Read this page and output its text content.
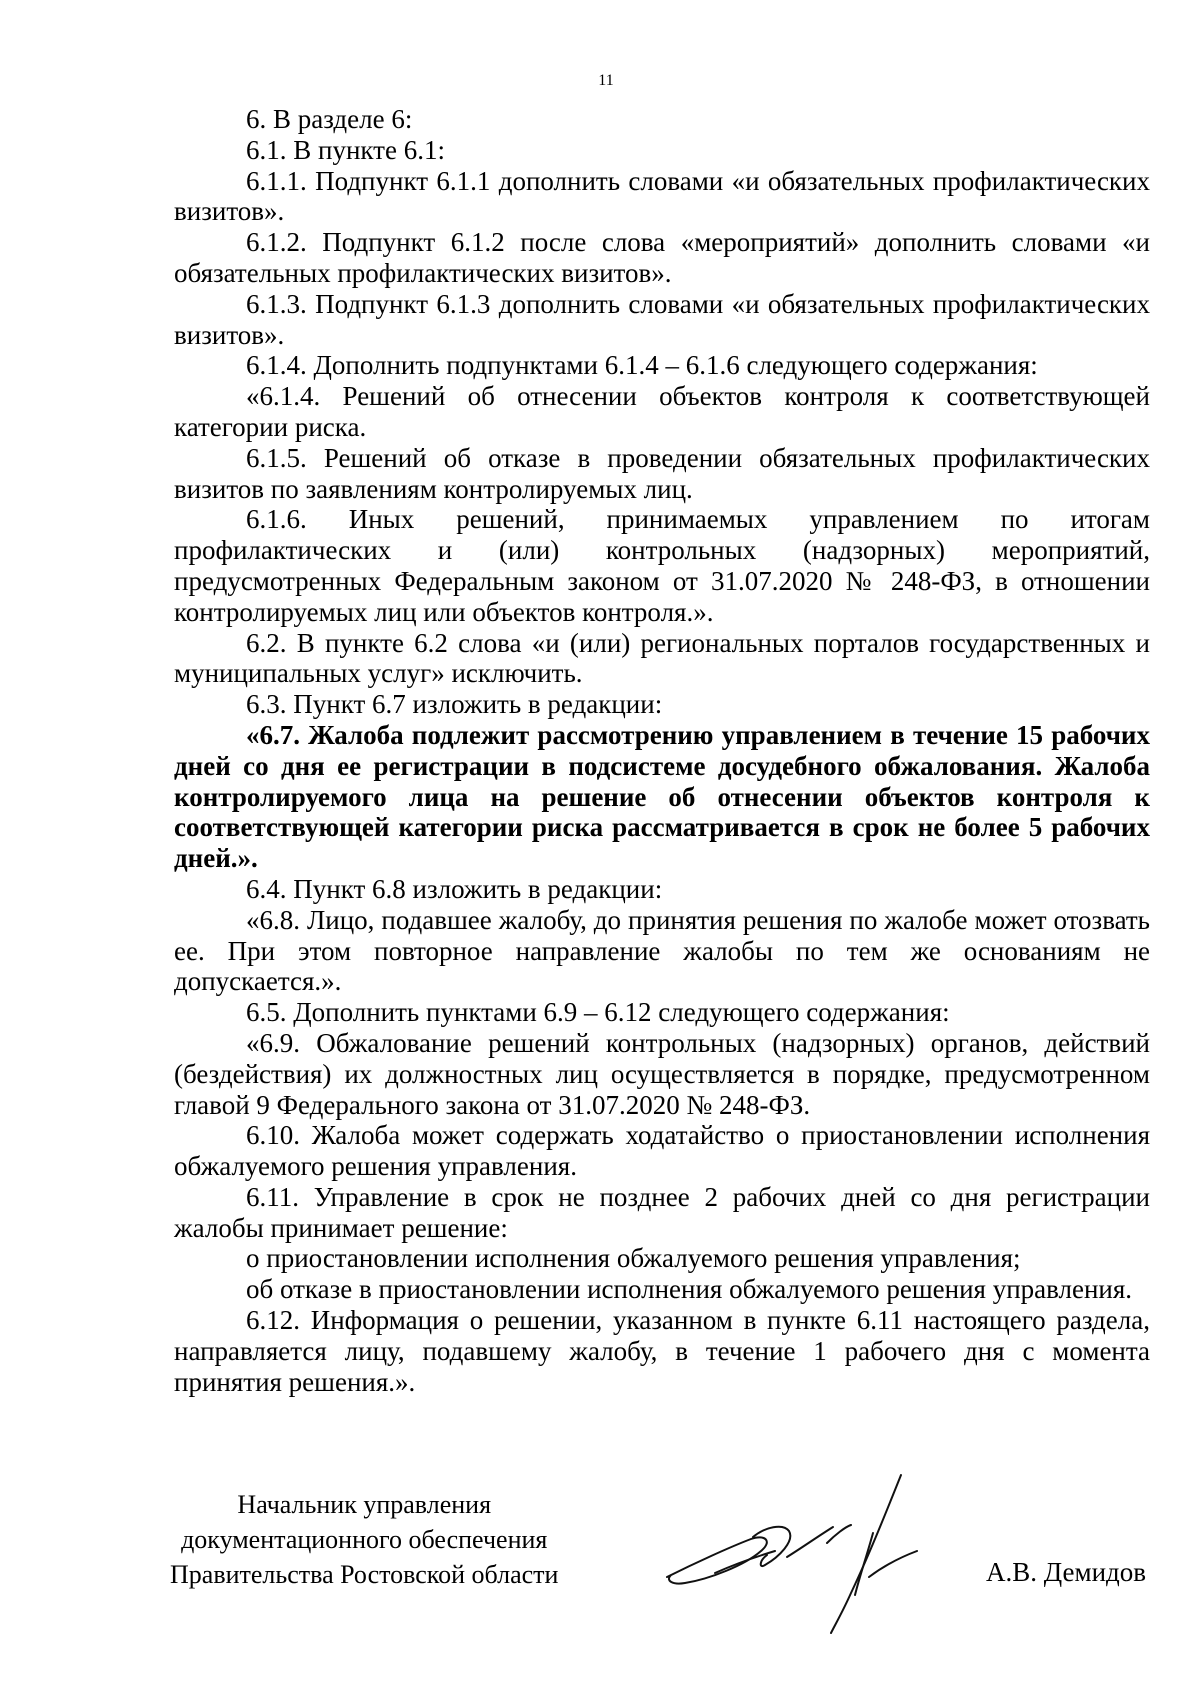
11

6. В разделе 6:

6.1. В пункте 6.1:

6.1.1. Подпункт 6.1.1 дополнить словами «и обязательных профилактических визитов».

6.1.2. Подпункт 6.1.2 после слова «мероприятий» дополнить словами «и обязательных профилактических визитов».

6.1.3. Подпункт 6.1.3 дополнить словами «и обязательных профилактических визитов».

6.1.4. Дополнить подпунктами 6.1.4 – 6.1.6 следующего содержания:

«6.1.4. Решений об отнесении объектов контроля к соответствующей категории риска.

6.1.5. Решений об отказе в проведении обязательных профилактических визитов по заявлениям контролируемых лиц.

6.1.6. Иных решений, принимаемых управлением по итогам профилактических и (или) контрольных (надзорных) мероприятий, предусмотренных Федеральным законом от 31.07.2020 № 248-ФЗ, в отношении контролируемых лиц или объектов контроля.».

6.2. В пункте 6.2 слова «и (или) региональных порталов государственных и муниципальных услуг» исключить.

6.3. Пункт 6.7 изложить в редакции:

«6.7. Жалоба подлежит рассмотрению управлением в течение 15 рабочих дней со дня ее регистрации в подсистеме досудебного обжалования. Жалоба контролируемого лица на решение об отнесении объектов контроля к соответствующей категории риска рассматривается в срок не более 5 рабочих дней.».

6.4. Пункт 6.8 изложить в редакции:

«6.8. Лицо, подавшее жалобу, до принятия решения по жалобе может отозвать ее. При этом повторное направление жалобы по тем же основаниям не допускается.».

6.5. Дополнить пунктами 6.9 – 6.12 следующего содержания:

«6.9. Обжалование решений контрольных (надзорных) органов, действий (бездействия) их должностных лиц осуществляется в порядке, предусмотренном главой 9 Федерального закона от 31.07.2020 № 248-ФЗ.

6.10. Жалоба может содержать ходатайство о приостановлении исполнения обжалуемого решения управления.

6.11. Управление в срок не позднее 2 рабочих дней со дня регистрации жалобы принимает решение:

о приостановлении исполнения обжалуемого решения управления;

об отказе в приостановлении исполнения обжалуемого решения управления.

6.12. Информация о решении, указанном в пункте 6.11 настоящего раздела, направляется лицу, подавшему жалобу, в течение 1 рабочего дня с момента принятия решения.».

Начальник управления
документационного обеспечения
Правительства Ростовской области	А.В. Демидов
